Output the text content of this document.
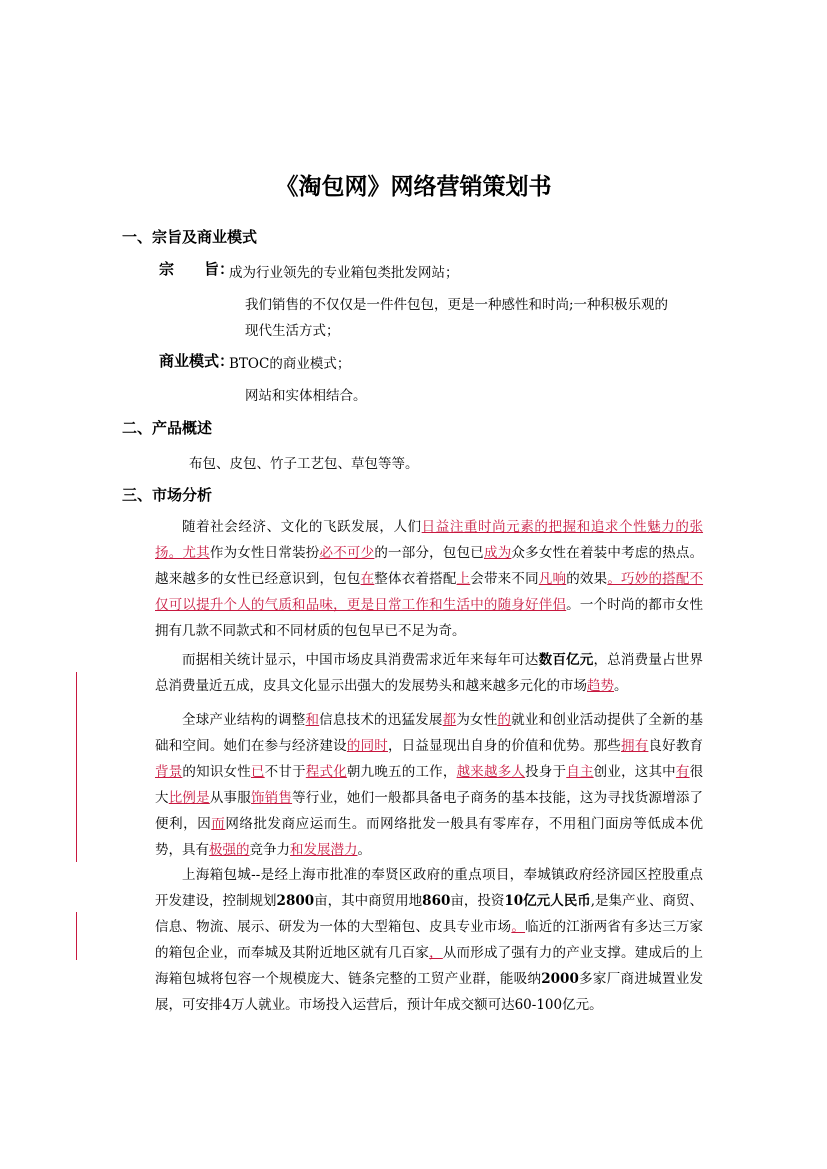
《淘包网》网络营销策划书
一、宗旨及商业模式
宗　　旨：
成为行业领先的专业箱包类批发网站；
我们销售的不仅仅是一件件包包，更是一种感性和时尚;一种积极乐观的
现代生活方式；
商业模式：
BTOC的商业模式；
网站和实体相结合。
二、产品概述
布包、皮包、竹子工艺包、草包等等。
三、市场分析
随着社会经济、文化的飞跃发展，人们日益注重时尚元素的把握和追求个性魅力的张扬。尤其作为女性日常装扮必不可少的一部分，包包已成为众多女性在着装中考虑的热点。越来越多的女性已经意识到，包包在整体衣着搭配上会带来不同凡响的效果。巧妙的搭配不仅可以提升个人的气质和品味，更是日常工作和生活中的随身好伴侣。一个时尚的都市女性拥有几款不同款式和不同材质的包包早已不足为奇。
而据相关统计显示，中国市场皮具消费需求近年来每年可达数百亿元，总消费量占世界总消费量近五成，皮具文化显示出强大的发展势头和越来越多元化的市场趋势。
全球产业结构的调整和信息技术的迅猛发展都为女性的就业和创业活动提供了全新的基础和空间。她们在参与经济建设的同时，日益显现出自身的价值和优势。那些拥有良好教育背景的知识女性已不甘于程式化朝九晚五的工作，越来越多人投身于自主创业，这其中有很大比例是从事服饰销售等行业，她们一般都具备电子商务的基本技能，这为寻找货源增添了便利，因而网络批发商应运而生。而网络批发一般具有零库存，不用租门面房等低成本优势，具有极强的竞争力和发展潜力。
上海箱包城--是经上海市批准的奉贤区政府的重点项目，奉城镇政府经济园区控股重点开发建设，控制规划2800亩，其中商贸用地860亩，投资10亿元人民币,是集产业、商贸、信息、物流、展示、研发为一体的大型箱包、皮具专业市场。临近的江浙两省有多达三万家的箱包企业，而奉城及其附近地区就有几百家，从而形成了强有力的产业支撑。建成后的上海箱包城将包容一个规模庞大、链条完整的工贸产业群，能吸纳2000多家厂商进城置业发展，可安排4万人就业。市场投入运营后，预计年成交额可达60-100亿元。
